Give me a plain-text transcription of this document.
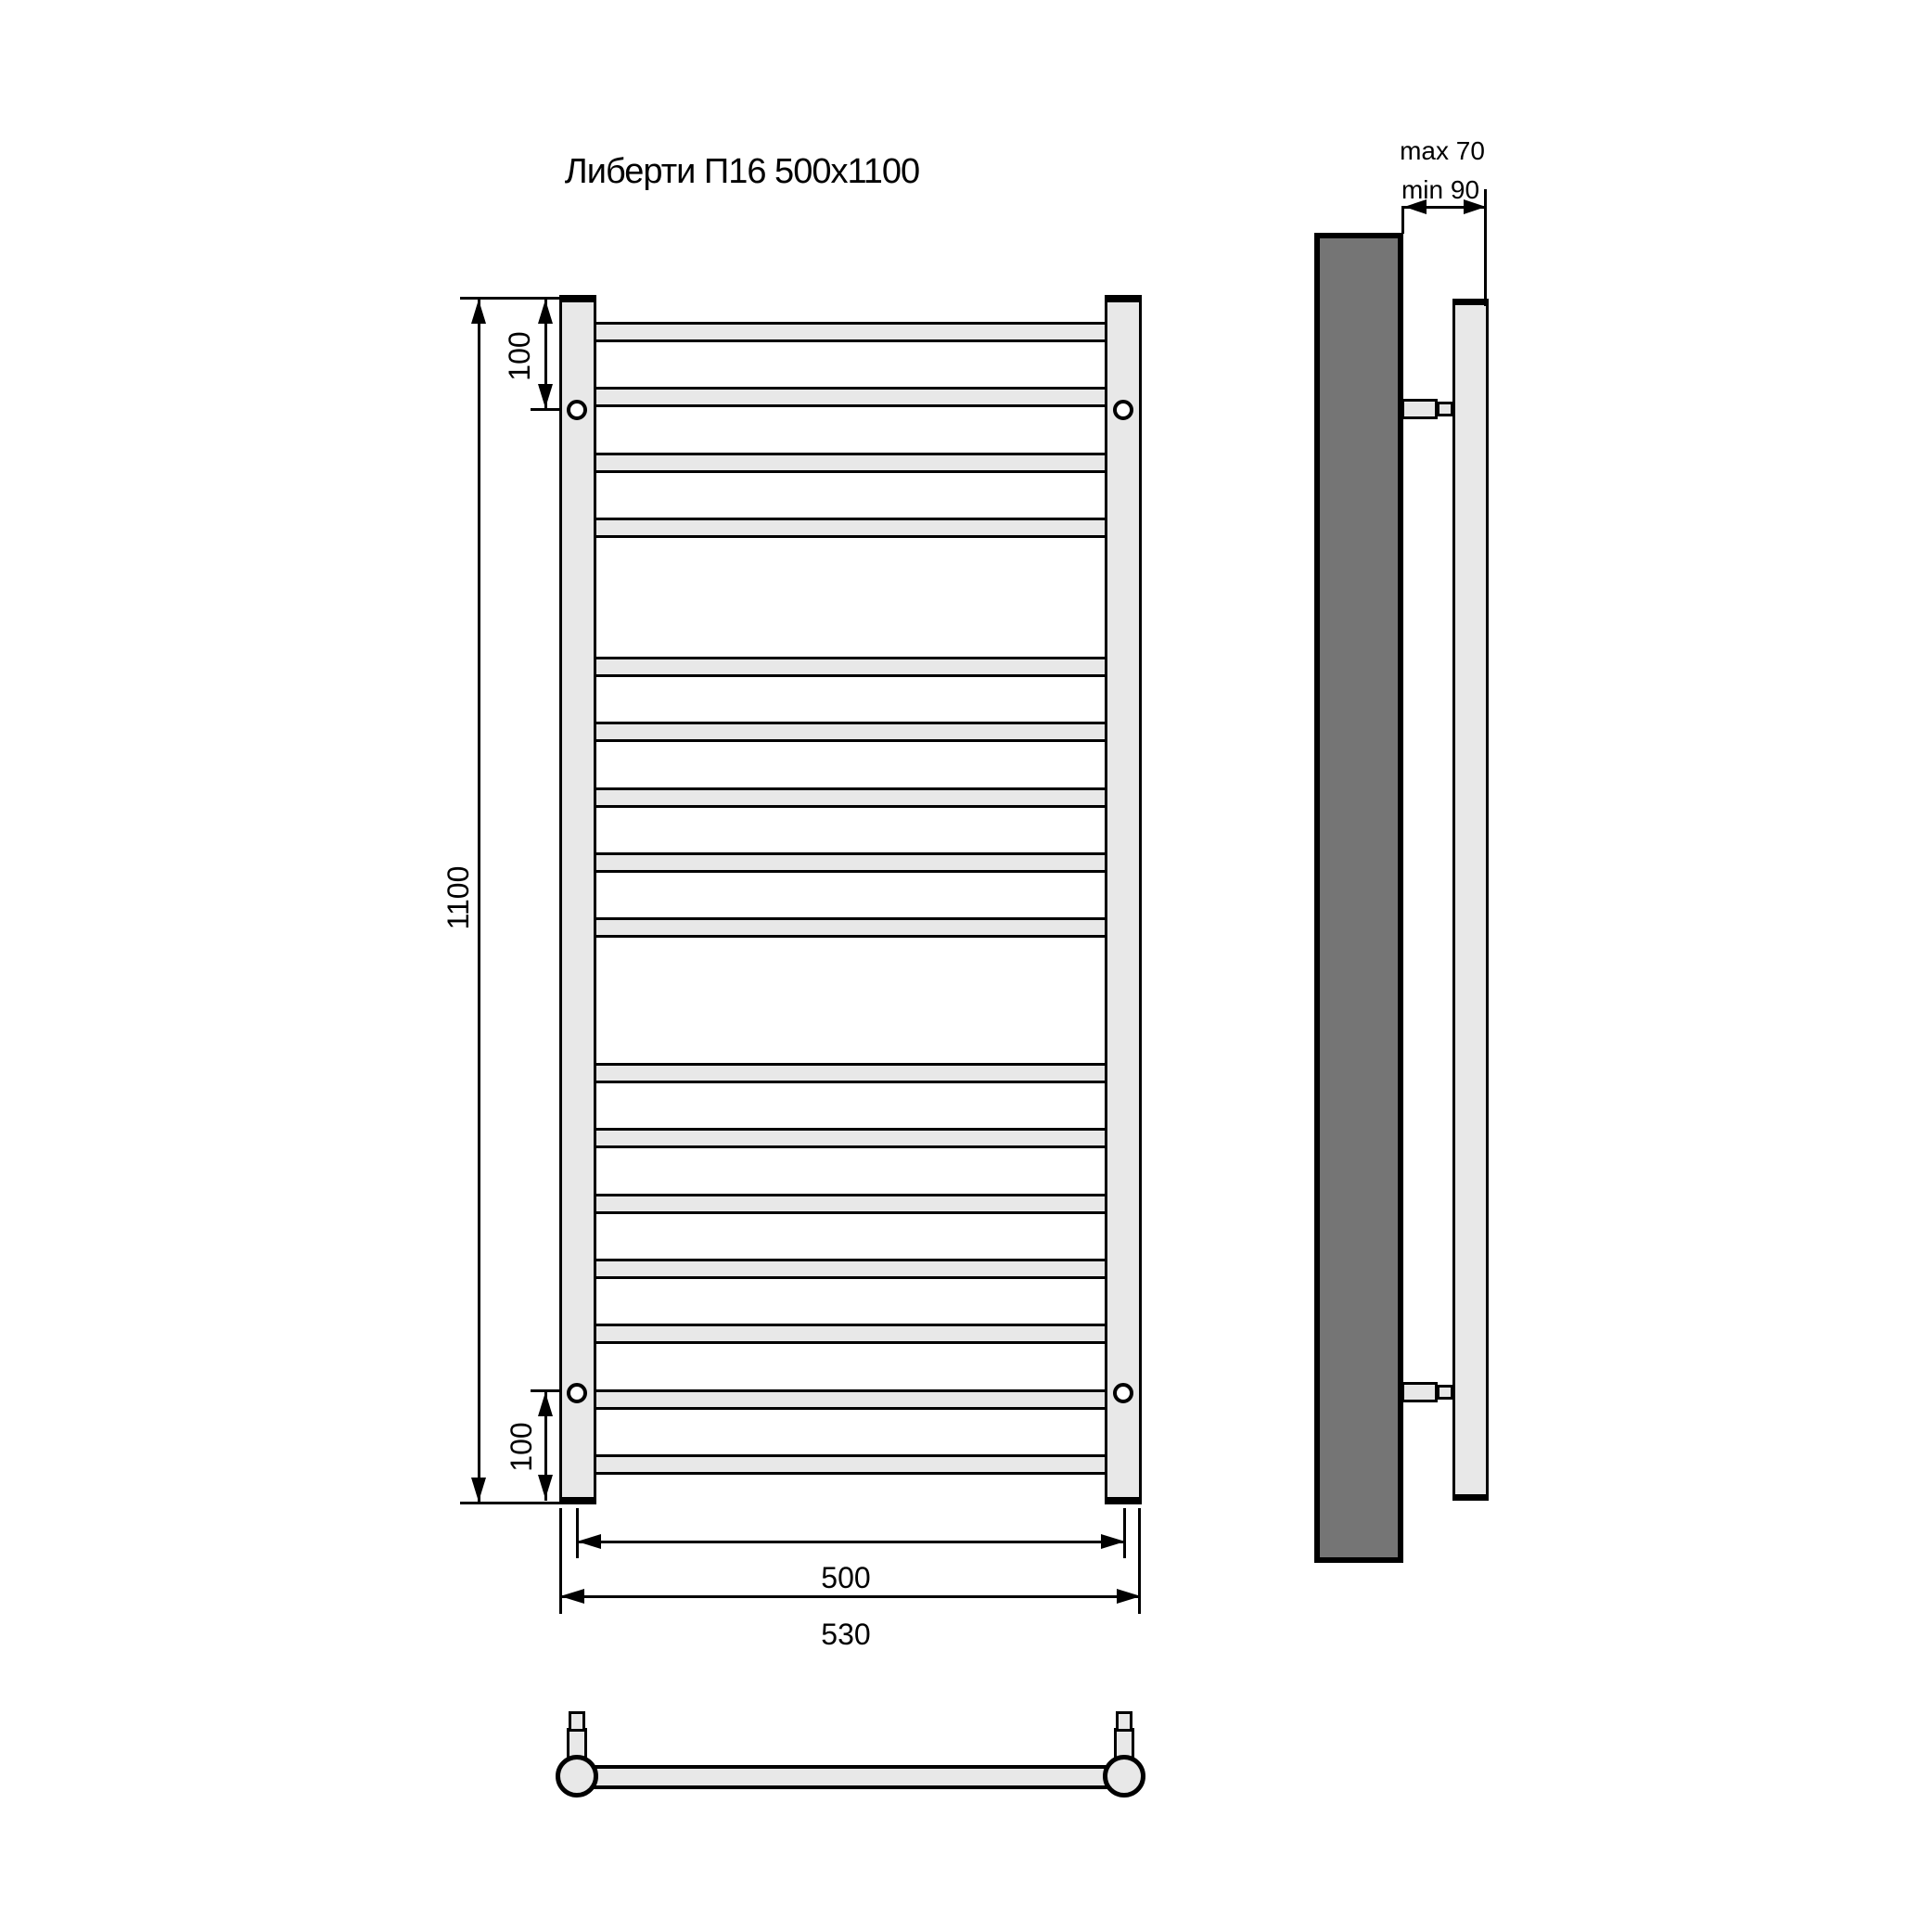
Либерти П16 500x1100
1100
100
100
500
530
max 70
min 90
